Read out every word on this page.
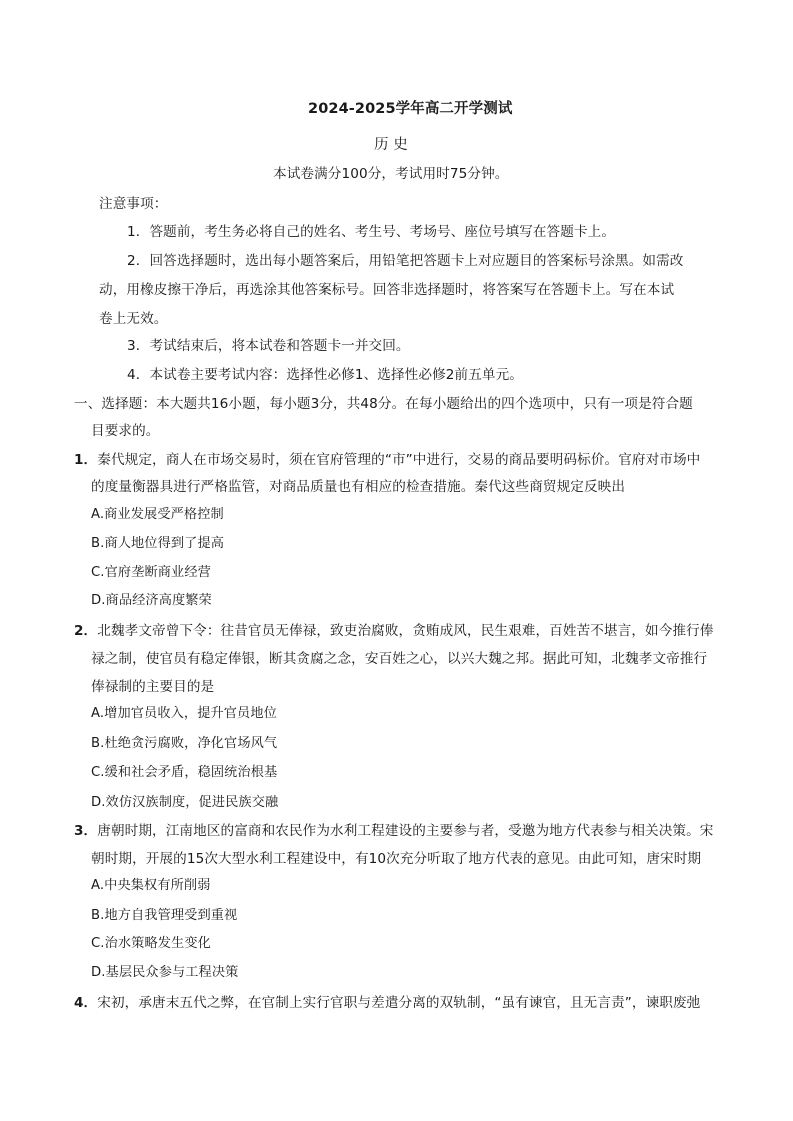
2024-2025学年高二开学测试
历 史
本试卷满分100分，考试用时75分钟。
注意事项：
1．答题前，考生务必将自己的姓名、考生号、考场号、座位号填写在答题卡上。
2．回答选择题时，选出每小题答案后，用铅笔把答题卡上对应题目的答案标号涂黑。如需改
动，用橡皮擦干净后，再选涂其他答案标号。回答非选择题时，将答案写在答题卡上。写在本试
卷上无效。
3．考试结束后，将本试卷和答题卡一并交回。
4．本试卷主要考试内容：选择性必修1、选择性必修2前五单元。
一、选择题：本大题共16小题，每小题3分，共48分。在每小题给出的四个选项中，只有一项是符合题
目要求的。
1．秦代规定，商人在市场交易时，须在官府管理的“市”中进行，交易的商品要明码标价。官府对市场中
的度量衡器具进行严格监管，对商品质量也有相应的检查措施。秦代这些商贸规定反映出
A.商业发展受严格控制
B.商人地位得到了提高
C.官府垄断商业经营
D.商品经济高度繁荣
2．北魏孝文帝曾下令：往昔官员无俸禄，致吏治腐败，贪贿成风，民生艰难，百姓苦不堪言，如今推行俸
禄之制，使官员有稳定俸银，断其贪腐之念，安百姓之心，以兴大魏之邦。据此可知，北魏孝文帝推行
俸禄制的主要目的是
A.增加官员收入，提升官员地位
B.杜绝贪污腐败，净化官场风气
C.缓和社会矛盾，稳固统治根基
D.效仿汉族制度，促进民族交融
3．唐朝时期，江南地区的富商和农民作为水利工程建设的主要参与者，受邀为地方代表参与相关决策。宋
朝时期，开展的15次大型水利工程建设中，有10次充分听取了地方代表的意见。由此可知，唐宋时期
A.中央集权有所削弱
B.地方自我管理受到重视
C.治水策略发生变化
D.基层民众参与工程决策
4．宋初，承唐末五代之弊，在官制上实行官职与差遣分离的双轨制，“虽有谏官，且无言责”，谏职废弛
